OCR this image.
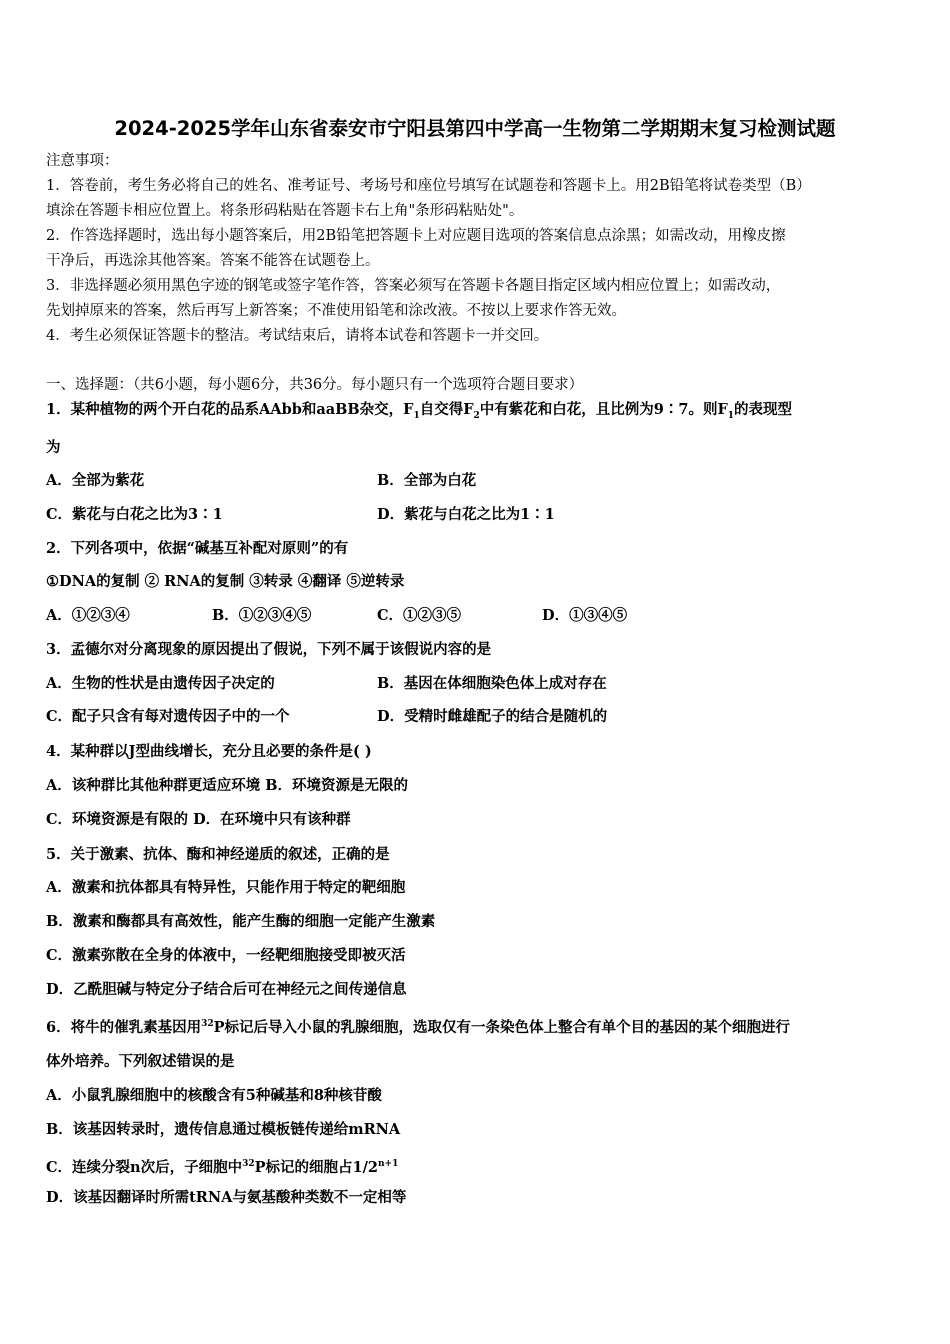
2024-2025学年山东省泰安市宁阳县第四中学高一生物第二学期期末复习检测试题
注意事项：
1．答卷前，考生务必将自己的姓名、准考证号、考场号和座位号填写在试题卷和答题卡上。用2B铅笔将试卷类型（B）
填涂在答题卡相应位置上。将条形码粘贴在答题卡右上角"条形码粘贴处"。
2．作答选择题时，选出每小题答案后，用2B铅笔把答题卡上对应题目选项的答案信息点涂黑；如需改动，用橡皮擦
干净后，再选涂其他答案。答案不能答在试题卷上。
3．非选择题必须用黑色字迹的钢笔或签字笔作答，答案必须写在答题卡各题目指定区域内相应位置上；如需改动，
先划掉原来的答案，然后再写上新答案；不准使用铅笔和涂改液。不按以上要求作答无效。
4．考生必须保证答题卡的整洁。考试结束后，请将本试卷和答题卡一并交回。
一、选择题：（共6小题，每小题6分，共36分。每小题只有一个选项符合题目要求）
1．某种植物的两个开白花的品系AAbb和aaBB杂交，$F_1$自交得$F_2$中有紫花和白花，且比例为9∶7。则$F_1$的表现型
为
A．全部为紫花	B．全部为白花
C．紫花与白花之比为3∶1	D．紫花与白花之比为1∶1
2．下列各项中，依据“碱基互补配对原则”的有
①DNA的复制 ② RNA的复制 ③转录 ④翻译 ⑤逆转录
A．①②③④	B．①②③④⑤	C．①②③⑤	D．①③④⑤
3．孟德尔对分离现象的原因提出了假说，下列不属于该假说内容的是
A．生物的性状是由遗传因子决定的	B．基因在体细胞染色体上成对存在
C．配子只含有每对遗传因子中的一个	D．受精时雌雄配子的结合是随机的
4．某种群以J型曲线增长，充分且必要的条件是( )
A．该种群比其他种群更适应环境 B．环境资源是无限的
C．环境资源是有限的 D．在环境中只有该种群
5．关于激素、抗体、酶和神经递质的叙述，正确的是
A．激素和抗体都具有特异性，只能作用于特定的靶细胞
B．激素和酶都具有高效性，能产生酶的细胞一定能产生激素
C．激素弥散在全身的体液中，一经靶细胞接受即被灭活
D．乙酰胆碱与特定分子结合后可在神经元之间传递信息
6．将牛的催乳素基因用$^{32}$P标记后导入小鼠的乳腺细胞，选取仅有一条染色体上整合有单个目的基因的某个细胞进行
体外培养。下列叙述错误的是
A．小鼠乳腺细胞中的核酸含有5种碱基和8种核苷酸
B．该基因转录时，遗传信息通过模板链传递给mRNA
C．连续分裂n次后，子细胞中$^{32}$P标记的细胞占$1/2^{n+1}$
D．该基因翻译时所需tRNA与氨基酸种类数不一定相等
